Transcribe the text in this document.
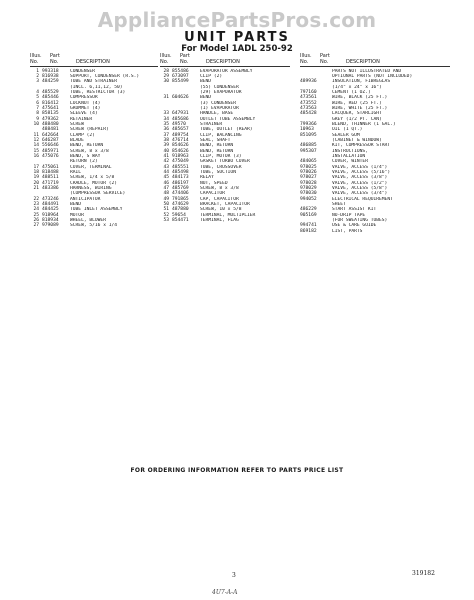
AppliancePartsPros.com
UNIT PARTS
For Model 1ADL 250-92
Illus.	Part
No.	No.	DESCRIPTION
1 993318	CONDENSER
2 816938	SUPPORT, CONDENSER (R.S.)
3 484259	TUBE AND STRAINER
(INCL. 6,11,12, 50)
4 485529	TUBE, RESTRICTOR (3)
5 485446	COMPRESSOR
6 816412	LOCKNUT (4)
7 475641	GROMMET (4)
8 858135	SLEEVE (4)
9 479362	RETAINER
10 488480	SCREW
488481	SCREW (REPAIR)
11 642664	CLAMP (2)
12 646287	BLADE
14 556646	BEND, RETURN
15 485971	SCREW, 8 x 3/8
16 475076	BEND, S WAY
RETURN (2)
17 475061	COVER, TERMINAL
18 818488	RAIL
19 488511	SCREW, 1/4 x 5/8
20 471719	CRADLE, MOTOR (2)
21 483386	HARNESS, WIRING
(COMPRESSOR SERVICE)
22 473246	ANTICIPATOR
23 484491	BEND
24 484425	TUBE INLET ASSEMBLY
25 918964	MOTOR
26 818934	WHEEL, BLOWER
27 979089	SCREW, 5/16 x 1/4
Illus.	Part
No.	No.	DESCRIPTION
28 855486	EVAPORATOR ASSEMBLY
29 673097	CLIP (2)
30 855499	BEND
(55) CONDENSER
(29) EVAPORATOR
31 604626	BEND
(3) CONDENSER
(1) EVAPORATOR
33 647931	HANDLE, BASE
34 485686	OUTLET TUBE ASSEMBLY
35 49570	STRAINER
36 485657	TUBE, OUTLET (REAR)
37 489754	CLIP, BALANCING
38 476714	SEAL, SHAFT
39 854626	BEND, RETURN
40 854626	BEND, RETURN
41 918963	CLIP, MOTOR (3)
42 475049	GASKET TURBO COVER
43 485551	TUBE, CROSSOVER
44 485498	TUBE, SUCTION
45 484173	RELAY
46 486197	NUT, SPEED
47 485769	SCREW, 8 x 3/8
48 474406	CAPACITOR
49 791865	CAP, CAPACITOR
50 474629	BRACKET, CAPACITOR
51 487880	SCREW, 10 x 5/8
52 59654	TERMINAL, MULTIPLIER
53 854471	TERMINAL, FLAG
Illus.	Part
No.	No.	DESCRIPTION
PARTS NOT ILLUSTRATED AND
OPTIONAL PARTS (NOT INCLUDED)
489936	INSULATION, FIBREGLAS
(1/4" x 24" x 16")
797160	CEMENT (1 OZ.)
473561	WIRE, BLACK (25 FT.)
473552	WIRE, RED (25 FT.)
473563	WIRE, WHITE (25 FT.)
485428	LACQUER, STARLIGHT
GREY (1/2 PT. CAN)
799366	BLEND, THINNER (1 GAL.)
10963	OIL (1 QT.)
851095	SEALER GUM
(CABINET & WINDOW)
486885	KIT, COMPRESSOR START
995307	INSTRUCTIONS,
INSTALLATION
484065	COVER, WINTER
978025	VALVE, ACCESS (1/4")
978026	VALVE, ACCESS (5/16")
978027	VALVE, ACCESS (3/8")
978028	VALVE, ACCESS (1/2")
978029	VALVE, ACCESS (5/8")
978030	VALVE, ACCESS (3/4")
994052	ELECTRICAL REQUIREMENT
SHEET
486229	START ASSIST KIT
905169	NO-DRIP TAPE
(FOR SWEATING TUBES)
994741	USE & CARE GUIDE
869182	LIST, PARTS
FOR ORDERING INFORMATION REFER TO PARTS PRICE LIST
3	319182
4U7-A-A
